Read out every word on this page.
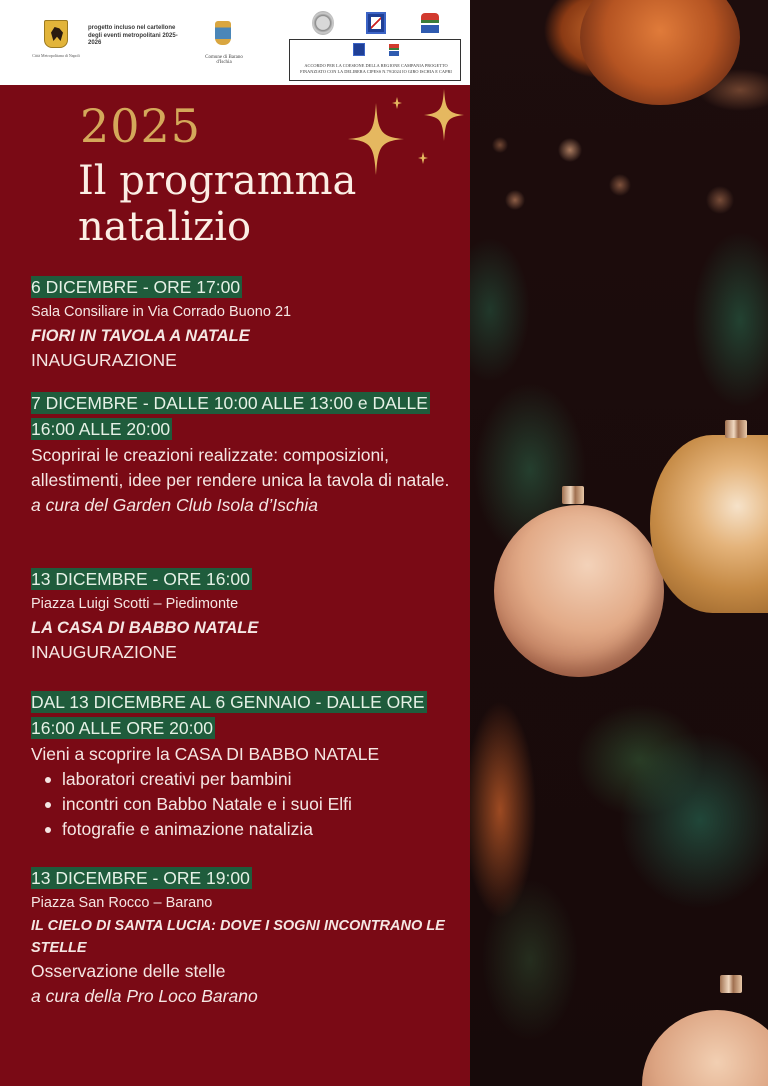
Città Metropolitana di Napoli
progetto incluso nel cartellone degli eventi metropolitani 2025-2026
Comune di Barano d'Ischia
ACCORDO PER LA COESIONE DELLA REGIONE CAMPANIA PROGETTO FINANZIATO CON LA DELIBERA CIPESS N.79/2024 IO GIRO ISCHIA E CAPRI
2025
Il programma
natalizio
6 DICEMBRE - ORE 17:00
Sala Consiliare in Via Corrado Buono 21
FIORI IN TAVOLA A NATALE
INAUGURAZIONE
7 DICEMBRE - DALLE 10:00 ALLE 13:00 e DALLE 16:00 ALLE 20:00
Scoprirai le creazioni realizzate: composizioni, allestimenti, idee per rendere unica la tavola di natale.
a cura del Garden Club Isola d’Ischia
13 DICEMBRE - ORE 16:00
Piazza Luigi Scotti – Piedimonte
LA CASA DI BABBO NATALE
INAUGURAZIONE
DAL 13 DICEMBRE AL 6 GENNAIO - DALLE ORE 16:00 ALLE ORE 20:00
Vieni a scoprire la CASA DI BABBO NATALE
laboratori creativi per bambini
incontri con Babbo Natale e i suoi Elfi
fotografie e animazione natalizia
13 DICEMBRE - ORE 19:00
Piazza San Rocco – Barano
IL CIELO DI SANTA LUCIA: DOVE I SOGNI INCONTRANO LE STELLE
Osservazione delle stelle
a cura della Pro Loco Barano
